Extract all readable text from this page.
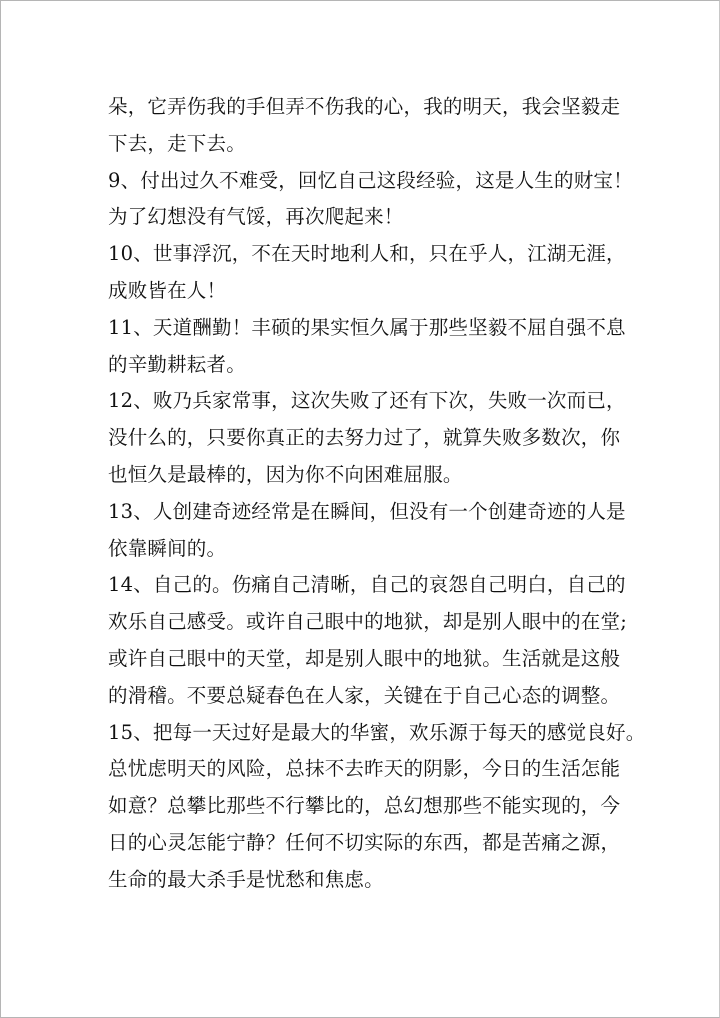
朵，它弄伤我的手但弄不伤我的心，我的明天，我会坚毅走
下去，走下去。
9、付出过久不难受，回忆自己这段经验，这是人生的财宝！
为了幻想没有气馁，再次爬起来！
10、世事浮沉，不在天时地利人和，只在乎人，江湖无涯，
成败皆在人！
11、天道酬勤！丰硕的果实恒久属于那些坚毅不屈自强不息
的辛勤耕耘者。
12、败乃兵家常事，这次失败了还有下次，失败一次而已，
没什么的，只要你真正的去努力过了，就算失败多数次，你
也恒久是最棒的，因为你不向困难屈服。
13、人创建奇迹经常是在瞬间，但没有一个创建奇迹的人是
依靠瞬间的。
14、自己的。伤痛自己清晰，自己的哀怨自己明白，自己的
欢乐自己感受。或许自己眼中的地狱，却是别人眼中的在堂;
或许自己眼中的天堂，却是别人眼中的地狱。生活就是这般
的滑稽。不要总疑春色在人家，关键在于自己心态的调整。
15、把每一天过好是最大的华蜜，欢乐源于每天的感觉良好。
总忧虑明天的风险，总抹不去昨天的阴影，今日的生活怎能
如意？总攀比那些不行攀比的，总幻想那些不能实现的，今
日的心灵怎能宁静？任何不切实际的东西，都是苦痛之源，
生命的最大杀手是忧愁和焦虑。
